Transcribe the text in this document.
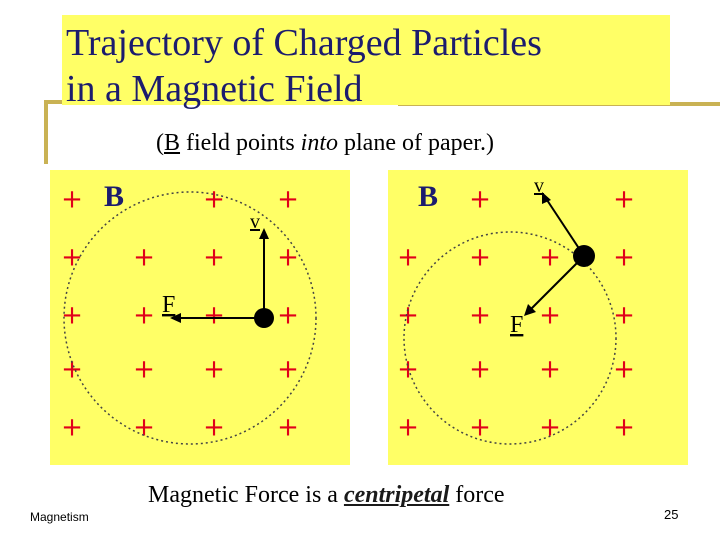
Trajectory of Charged Particles
in a Magnetic Field
(B field points into plane of paper.)
+	+ +
+ + + +
+ + + +
+ + + +
+ + + +
B
v
F
+	+
+ + + +
+ + + +
+ + + +
+ + + +
B	v
F
Magnetic Force is a centripetal force
Magnetism	25
